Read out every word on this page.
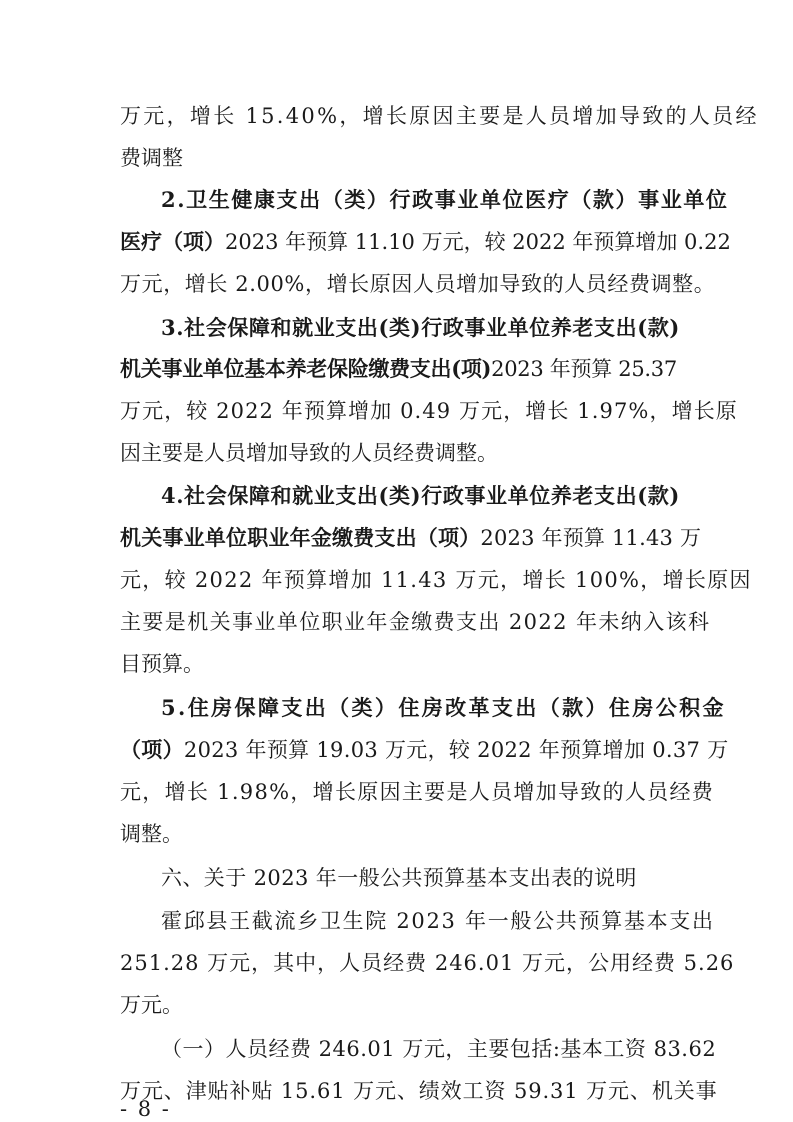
万元，增长 15.40%，增长原因主要是人员增加导致的人员经
费调整
2.卫生健康支出（类）行政事业单位医疗（款）事业单位
医疗（项）2023 年预算 11.10 万元，较 2022 年预算增加 0.22
万元，增长 2.00%，增长原因人员增加导致的人员经费调整。
3.社会保障和就业支出(类)行政事业单位养老支出(款)
机关事业单位基本养老保险缴费支出(项)2023 年预算 25.37
万元，较 2022 年预算增加 0.49 万元，增长 1.97%，增长原
因主要是人员增加导致的人员经费调整。
4.社会保障和就业支出(类)行政事业单位养老支出(款)
机关事业单位职业年金缴费支出（项）2023 年预算 11.43 万
元，较 2022 年预算增加 11.43 万元，增长 100%，增长原因
主要是机关事业单位职业年金缴费支出 2022 年未纳入该科
目预算。
5.住房保障支出（类）住房改革支出（款）住房公积金
（项）2023 年预算 19.03 万元，较 2022 年预算增加 0.37 万
元，增长 1.98%，增长原因主要是人员增加导致的人员经费
调整。
六、关于 2023 年一般公共预算基本支出表的说明
霍邱县王截流乡卫生院 2023 年一般公共预算基本支出
251.28 万元，其中，人员经费 246.01 万元，公用经费 5.26
万元。
（一）人员经费 246.01 万元，主要包括:基本工资 83.62
万元、津贴补贴 15.61 万元、绩效工资 59.31 万元、机关事
- 8 -
